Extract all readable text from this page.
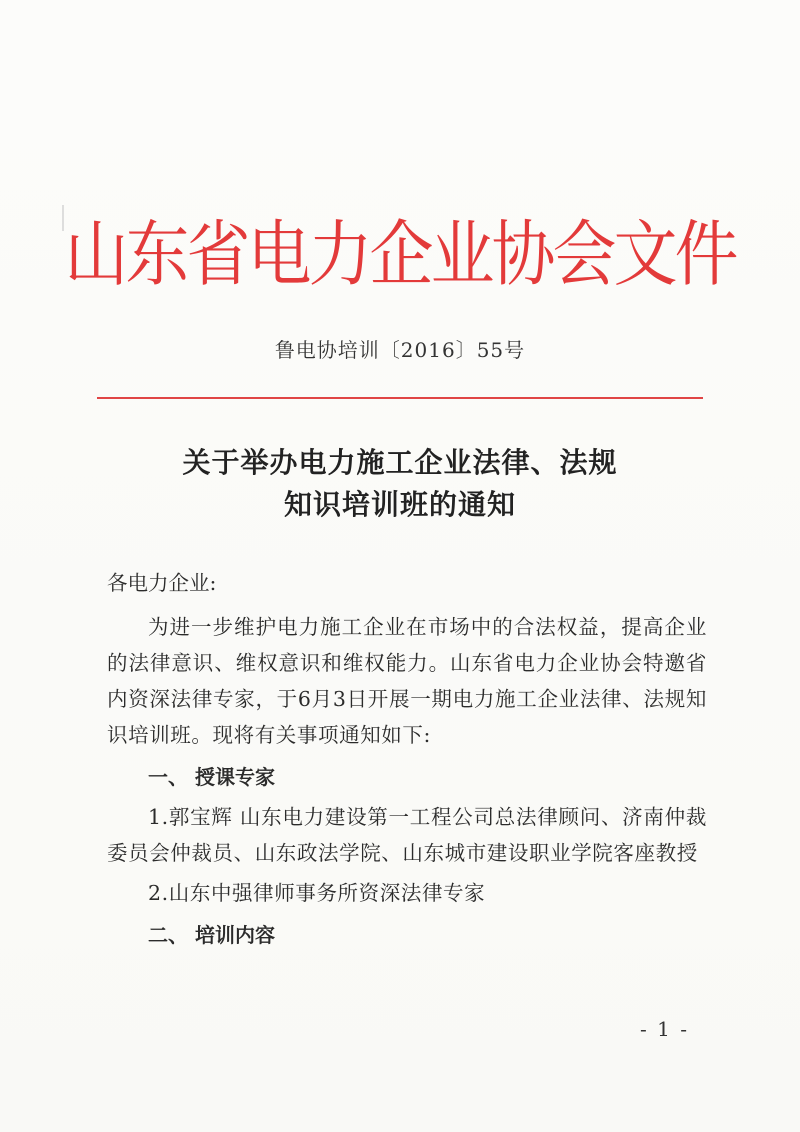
山东省电力企业协会文件
鲁电协培训〔2016〕55号
关于举办电力施工企业法律、法规
知识培训班的通知

各电力企业:

为进一步维护电力施工企业在市场中的合法权益，提高企业的法律意识、维权意识和维权能力。山东省电力企业协会特邀省内资深法律专家，于6月3日开展一期电力施工企业法律、法规知识培训班。现将有关事项通知如下:

一、 授课专家

1.郭宝辉 山东电力建设第一工程公司总法律顾问、济南仲裁委员会仲裁员、山东政法学院、山东城市建设职业学院客座教授

2.山东中强律师事务所资深法律专家

二、 培训内容

- 1 -
